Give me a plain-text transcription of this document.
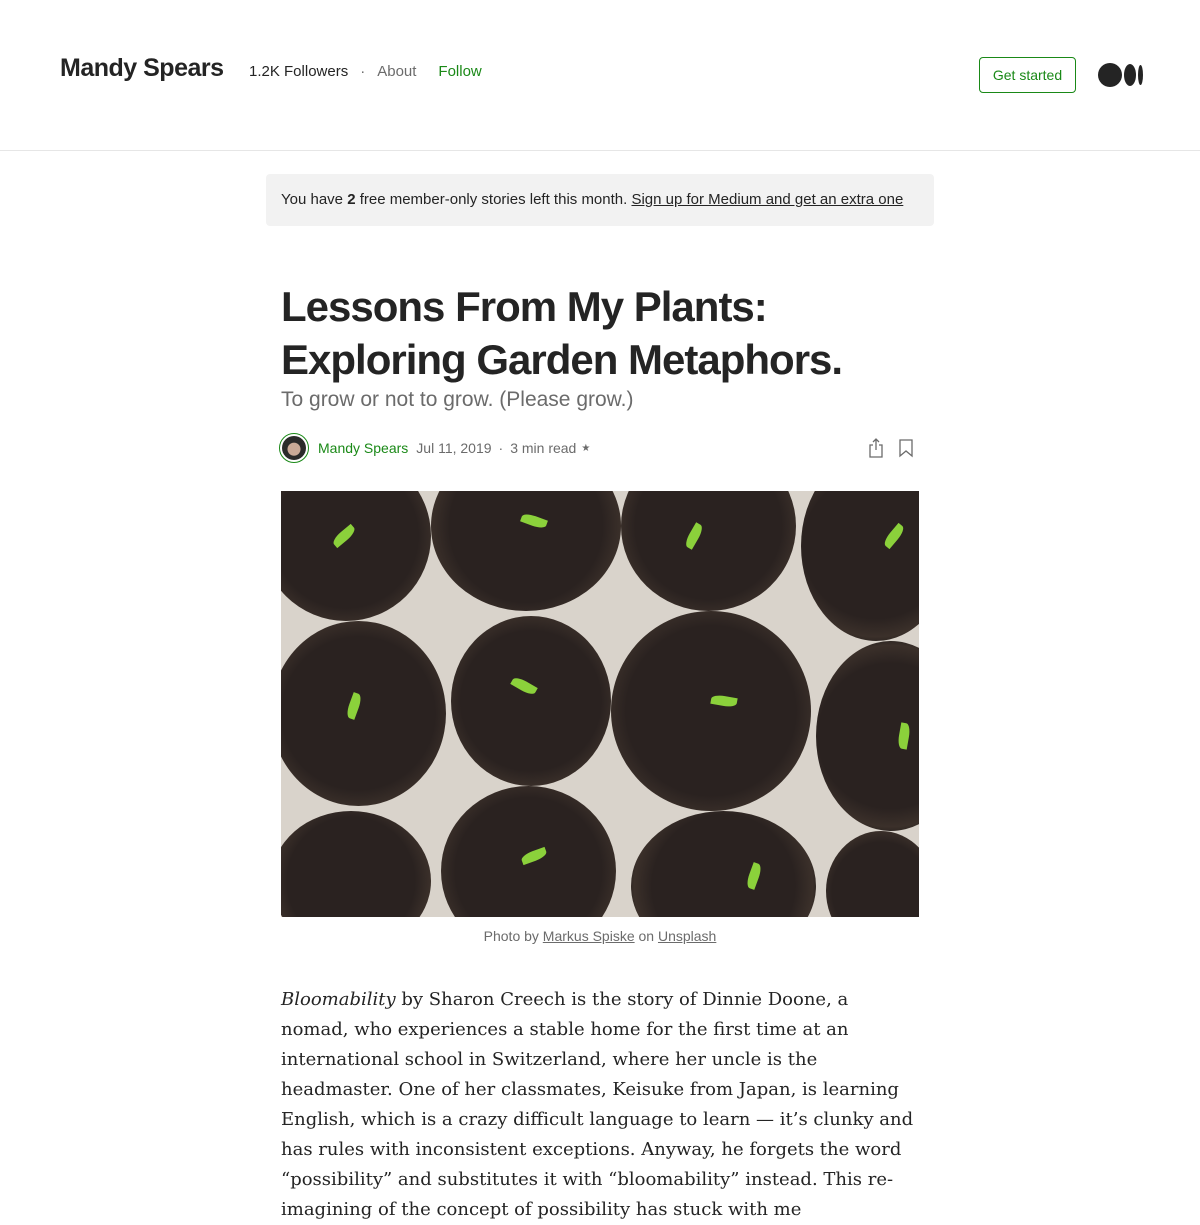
Mandy Spears 1.2K Followers · About Follow	Get started
You have 2 free member-only stories left this month. Sign up for Medium and get an extra one
Lessons From My Plants: Exploring Garden Metaphors.
To grow or not to grow. (Please grow.)
Mandy Spears Jul 11, 2019 · 3 min read ★
Photo by Markus Spiske on Unsplash

Bloomability by Sharon Creech is the story of Dinnie Doone, a nomad, who experiences a stable home for the first time at an international school in Switzerland, where her uncle is the headmaster. One of her classmates, Keisuke from Japan, is learning English, which is a crazy difficult language to learn — it’s clunky and has rules with inconsistent exceptions. Anyway, he forgets the word “possibility” and substitutes it with “bloomability” instead. This re-imagining of the concept of possibility has stuck with me
